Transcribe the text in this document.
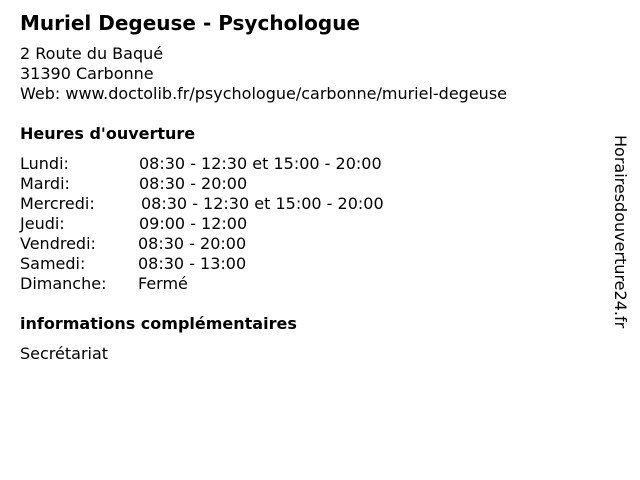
Muriel Degeuse - Psychologue
2 Route du Baqué
31390 Carbonne
Web: www.doctolib.fr/psychologue/carbonne/muriel-degeuse
Heures d'ouverture
Lundi:	08:30 - 12:30 et 15:00 - 20:00
Mardi:	08:30 - 20:00
Mercredi:	08:30 - 12:30 et 15:00 - 20:00
Jeudi:	09:00 - 12:00
Vendredi:	08:30 - 20:00
Samedi:	08:30 - 13:00
Dimanche: Fermé
informations complémentaires
Secrétariat
Horairesdouverture24.fr
